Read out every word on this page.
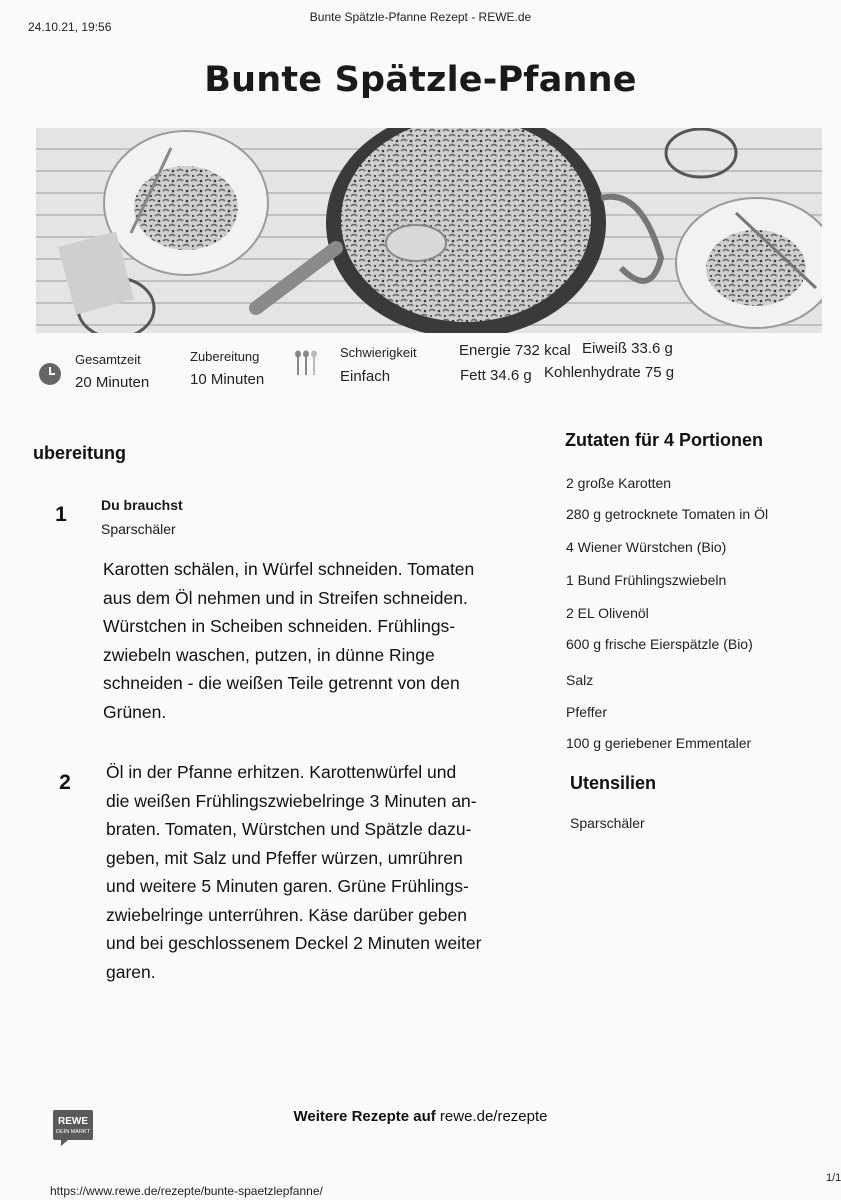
24.10.21, 19:56
Bunte Spätzle-Pfanne Rezept - REWE.de
Bunte Spätzle-Pfanne
Gesamtzeit
20 Minuten
Zubereitung
10 Minuten
Schwierigkeit
Einfach
Energie 732 kcal Eiweiß 33.6 g
Fett 34.6 g Kohlenhydrate 75 g
ubereitung
1	Du brauchst
Sparschäler
Karotten schälen, in Würfel schneiden. Tomaten
aus dem Öl nehmen und in Streifen schneiden.
Würstchen in Scheiben schneiden. Frühlings-
zwiebeln waschen, putzen, in dünne Ringe
schneiden - die weißen Teile getrennt von den
Grünen.
2	Öl in der Pfanne erhitzen. Karottenwürfel und
die weißen Frühlingszwiebelringe 3 Minuten an-
braten. Tomaten, Würstchen und Spätzle dazu-
geben, mit Salz und Pfeffer würzen, umrühren
und weitere 5 Minuten garen. Grüne Frühlings-
zwiebelringe unterrühren. Käse darüber geben
und bei geschlossenem Deckel 2 Minuten weiter
garen.
Zutaten für 4 Portionen
2 große Karotten
280 g getrocknete Tomaten in Öl
4 Wiener Würstchen (Bio)
1 Bund Frühlingszwiebeln
2 EL Olivenöl
600 g frische Eierspätzle (Bio)
Salz
Pfeffer
100 g geriebener Emmentaler
Utensilien
Sparschäler
REWE
DEIN MARKT
Weitere Rezepte auf rewe.de/rezepte
https://www.rewe.de/rezepte/bunte-spaetzlepfanne/
1/1
